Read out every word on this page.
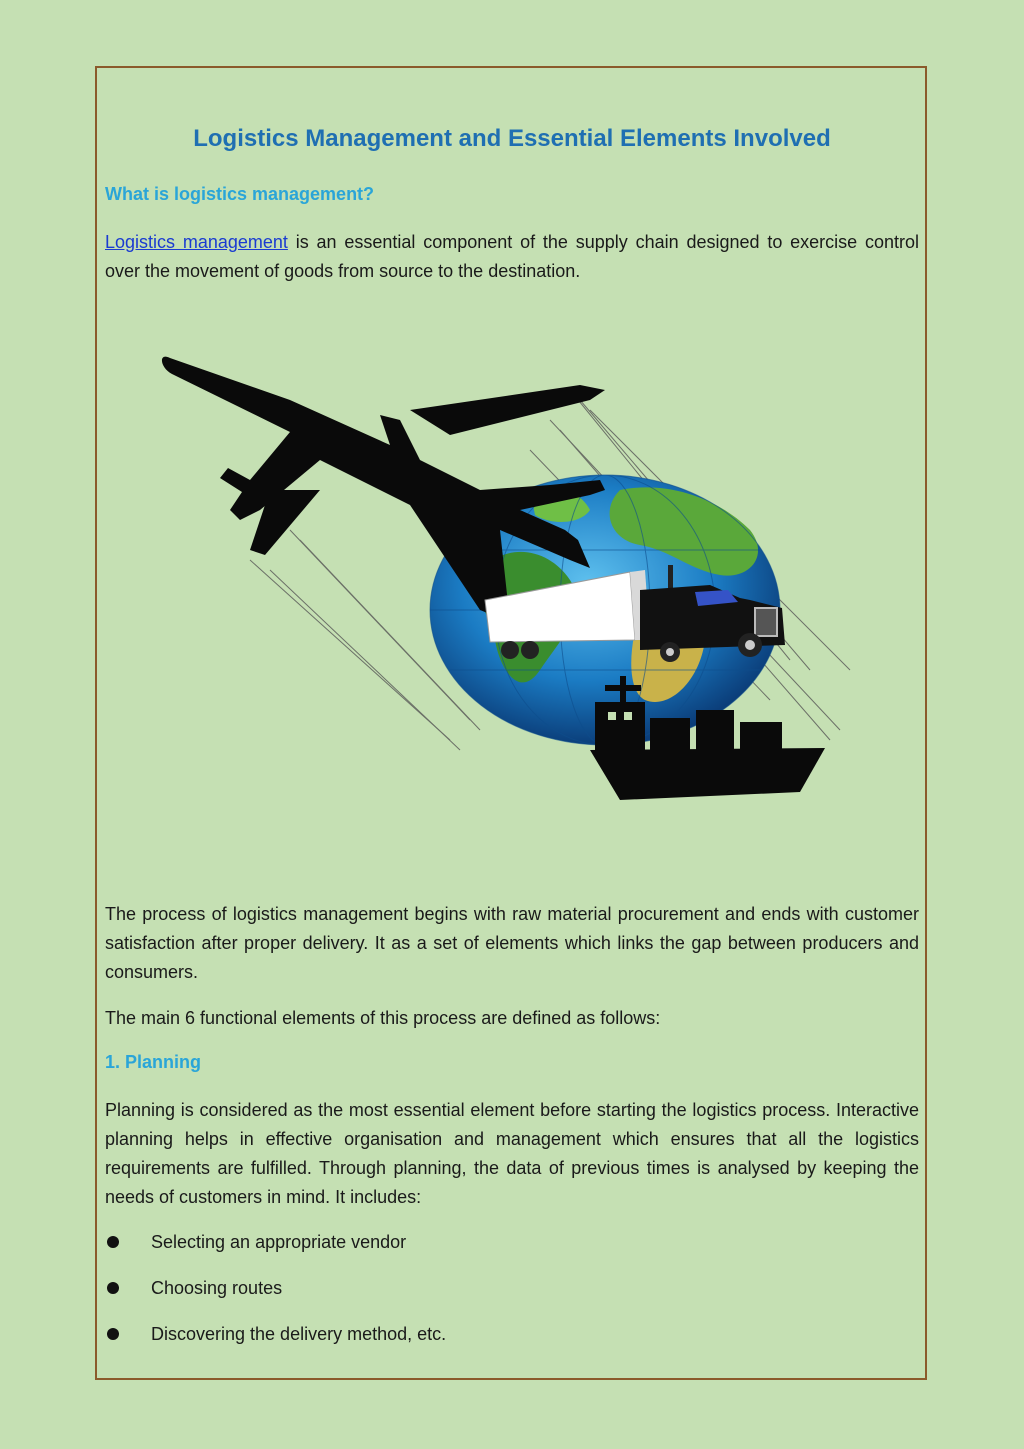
Logistics Management and Essential Elements Involved
What is logistics management?

Logistics management is an essential component of the supply chain designed to exercise control over the movement of goods from source to the destination.

The process of logistics management begins with raw material procurement and ends with customer satisfaction after proper delivery. It as a set of elements which links the gap between producers and consumers.

The main 6 functional elements of this process are defined as follows:

1. Planning

Planning is considered as the most essential element before starting the logistics process. Interactive planning helps in effective organisation and management which ensures that all the logistics requirements are fulfilled. Through planning, the data of previous times is analysed by keeping the needs of customers in mind. It includes:

Selecting an appropriate vendor
Choosing routes
Discovering the delivery method, etc.
